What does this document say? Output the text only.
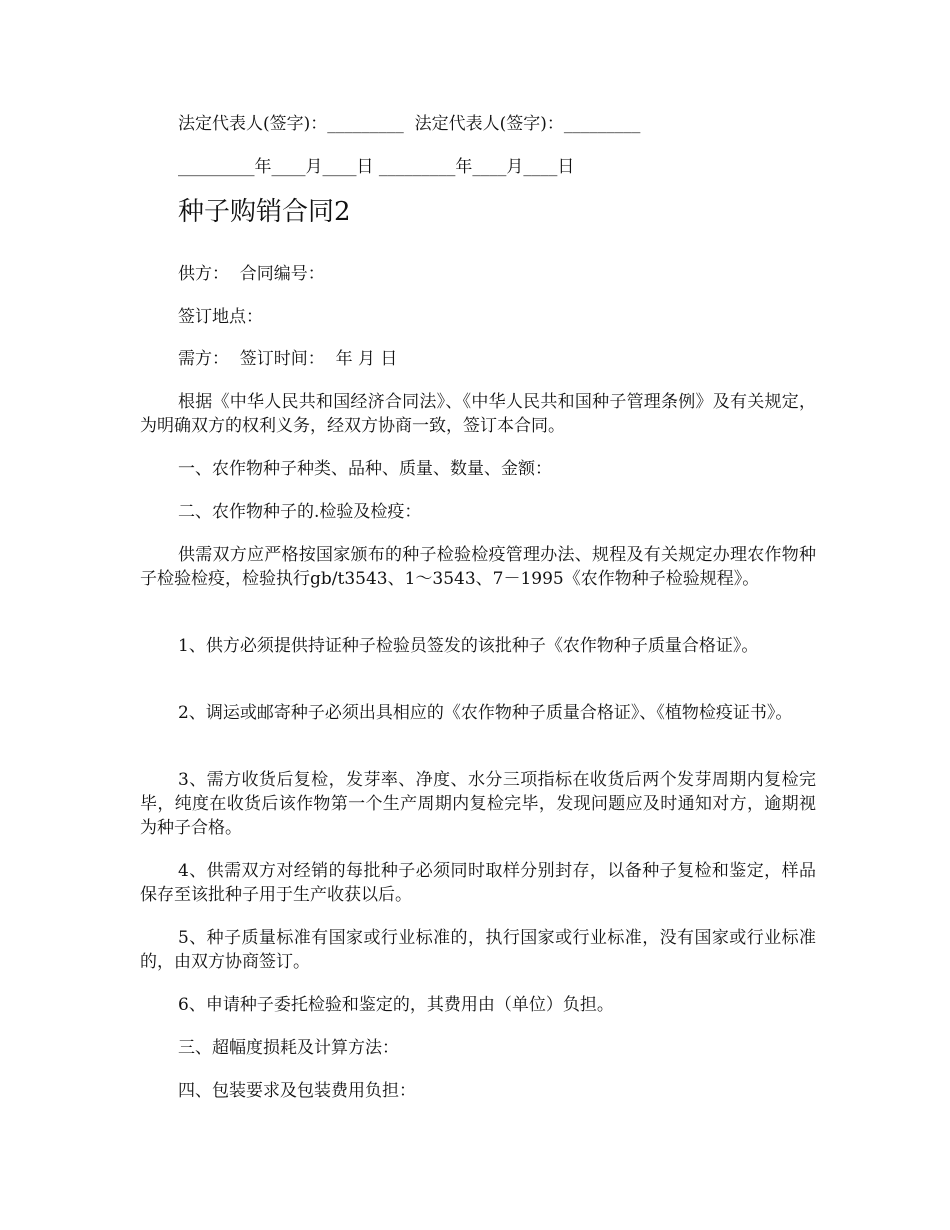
法定代表人(签字)：_________  法定代表人(签字)：_________
_________年____月____日 _________年____月____日
种子购销合同2
供方：  合同编号：
签订地点：
需方：  签订时间：  年 月 日
根据《中华人民共和国经济合同法》、《中华人民共和国种子管理条例》及有关规定，为明确双方的权利义务，经双方协商一致，签订本合同。
一、农作物种子种类、品种、质量、数量、金额：
二、农作物种子的.检验及检疫：
供需双方应严格按国家颁布的种子检验检疫管理办法、规程及有关规定办理农作物种子检验检疫，检验执行gb/t3543、1～3543、7－1995《农作物种子检验规程》。
1、供方必须提供持证种子检验员签发的该批种子《农作物种子质量合格证》。
2、调运或邮寄种子必须出具相应的《农作物种子质量合格证》、《植物检疫证书》。
3、需方收货后复检，发芽率、净度、水分三项指标在收货后两个发芽周期内复检完毕，纯度在收货后该作物第一个生产周期内复检完毕，发现问题应及时通知对方，逾期视为种子合格。
4、供需双方对经销的每批种子必须同时取样分别封存，以备种子复检和鉴定，样品保存至该批种子用于生产收获以后。
5、种子质量标准有国家或行业标准的，执行国家或行业标准，没有国家或行业标准的，由双方协商签订。
6、申请种子委托检验和鉴定的，其费用由（单位）负担。
三、超幅度损耗及计算方法：
四、包装要求及包装费用负担：
